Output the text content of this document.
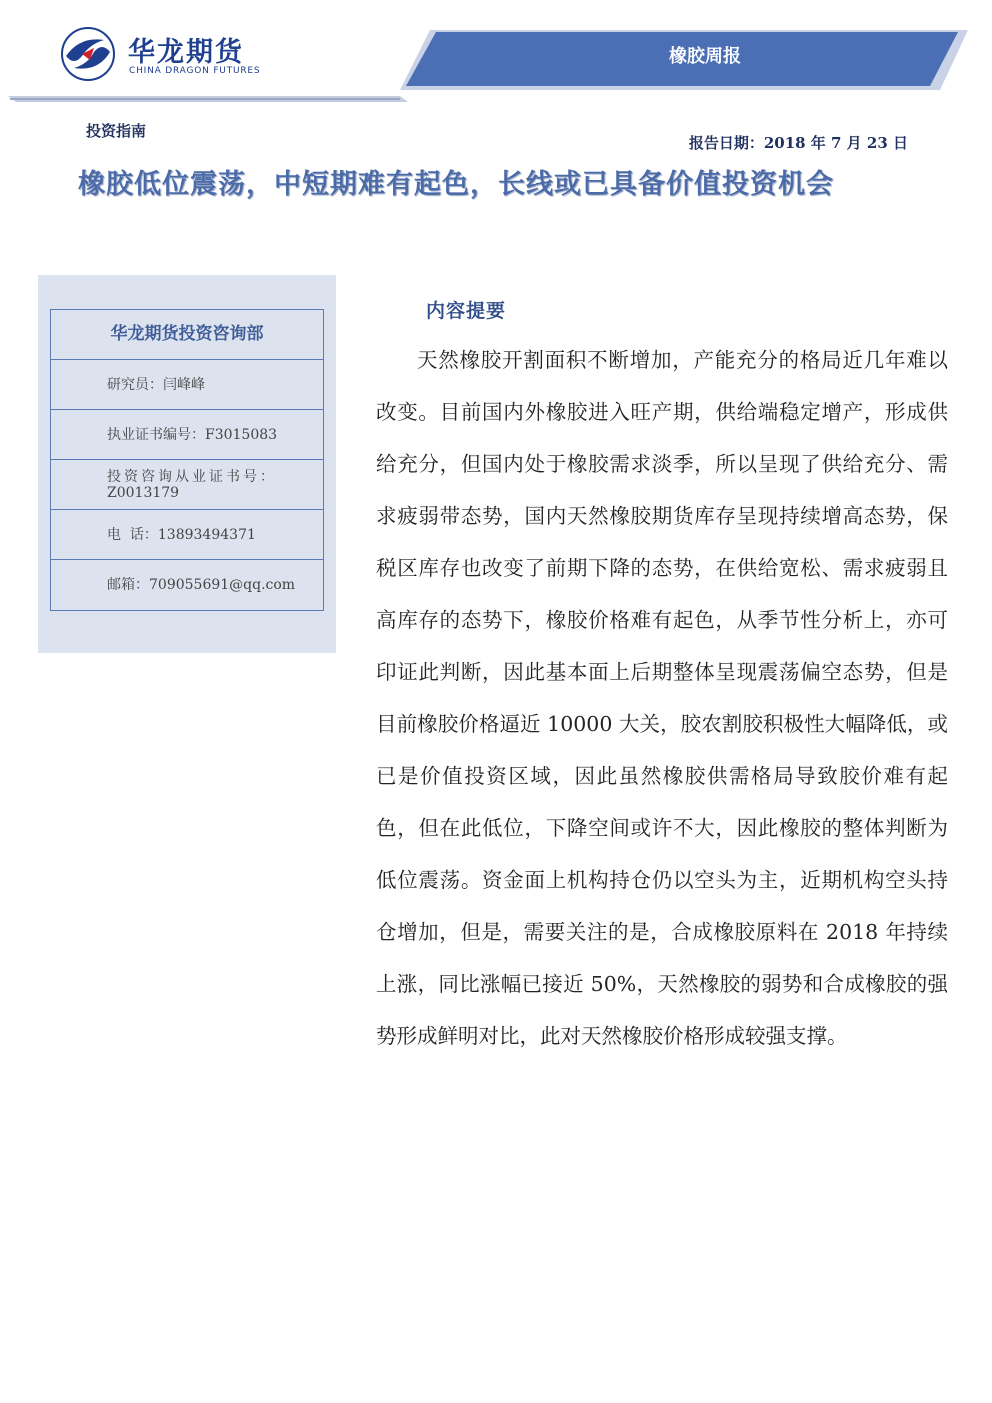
华龙期货
CHINA DRAGON FUTURES
橡胶周报
投资指南
报告日期：2018 年 7 月 23 日
橡胶低位震荡，中短期难有起色，长线或已具备价值投资机会
华龙期货投资咨询部
研究员：闫峰峰
执业证书编号：F3015083
投资咨询从业证书号：
Z0013179
电  话：13893494371
邮箱：709055691@qq.com
内容提要
天然橡胶开割面积不断增加，产能充分的格局近几年难以改变。目前国内外橡胶进入旺产期，供给端稳定增产，形成供给充分，但国内处于橡胶需求淡季，所以呈现了供给充分、需求疲弱带态势，国内天然橡胶期货库存呈现持续增高态势，保税区库存也改变了前期下降的态势，在供给宽松、需求疲弱且高库存的态势下，橡胶价格难有起色，从季节性分析上，亦可印证此判断，因此基本面上后期整体呈现震荡偏空态势，但是目前橡胶价格逼近 10000 大关，胶农割胶积极性大幅降低，或已是价值投资区域，因此虽然橡胶供需格局导致胶价难有起色，但在此低位，下降空间或许不大，因此橡胶的整体判断为低位震荡。资金面上机构持仓仍以空头为主，近期机构空头持仓增加，但是，需要关注的是，合成橡胶原料在 2018 年持续上涨，同比涨幅已接近 50%，天然橡胶的弱势和合成橡胶的强势形成鲜明对比，此对天然橡胶价格形成较强支撑。
